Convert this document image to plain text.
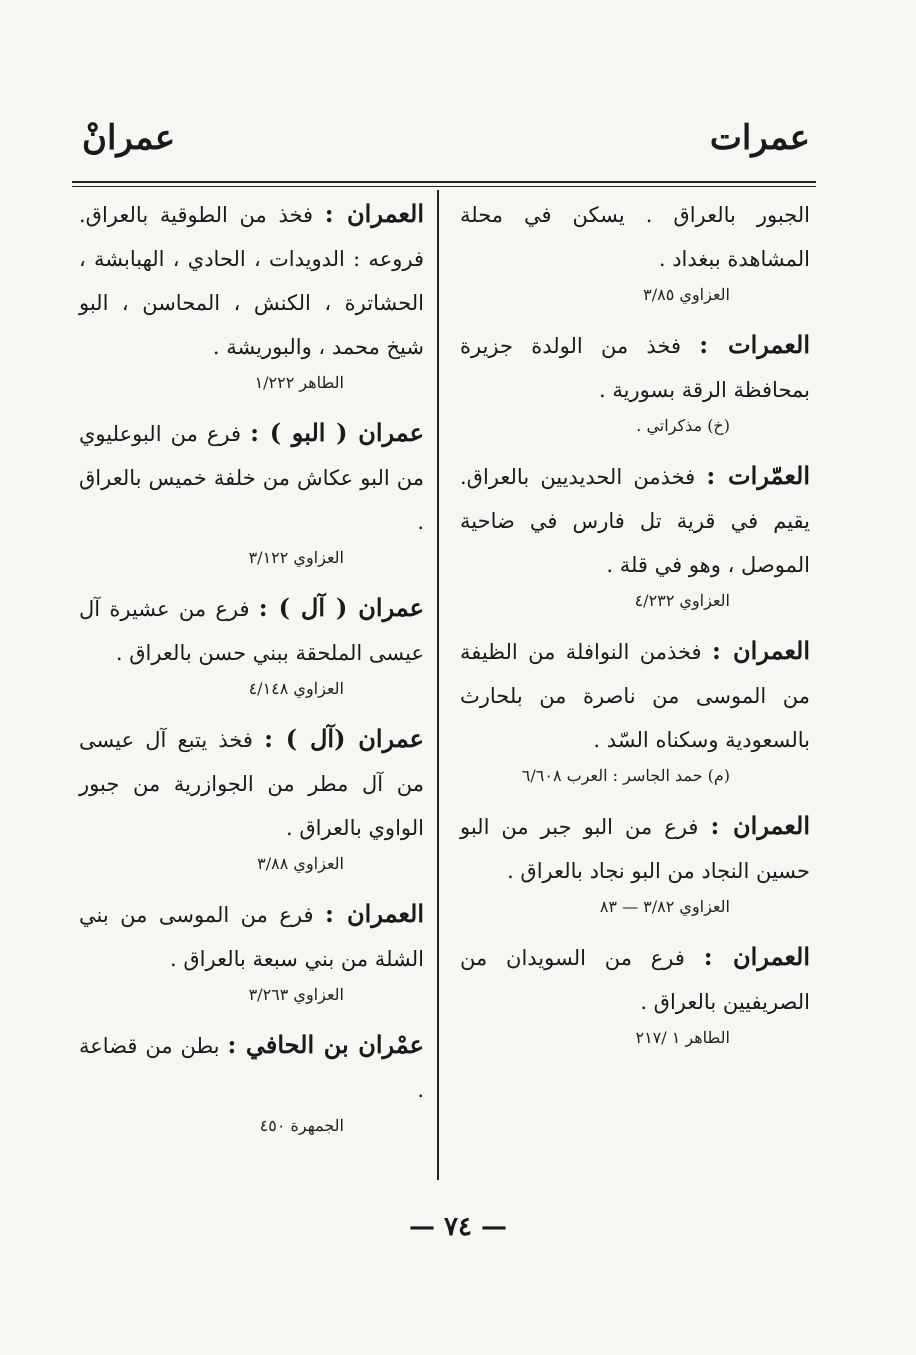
عمرات
عمرانْ
الجبور بالعراق . يسكن في محلة المشاهدة ببغداد .
العزاوي ٣/٨٥
العمرات : فخذ من الولدة جزيرة بمحافظة الرقة بسورية .
(خ) مذكراتي .
العمّرات : فخذمن الحديديين بالعراق. يقيم في قرية تل فارس في ضاحية الموصل ، وهو في قلة .
العزاوي ٤/٢٣٢
العمران : فخذمن النوافلة من الظيفة من الموسى من ناصرة من بلحارث بالسعودية وسكناه السّد .
(م) حمد الجاسر : العرب ٦/٦٠٨
العمران : فرع من البو جبر من البو حسين النجاد من البو نجاد بالعراق .
العزاوي ٣/٨٢ — ٨٣
العمران : فرع من السويدان من الصريفيين بالعراق .
الطاهر ١ /٢١٧
العمران : فخذ من الطوقية بالعراق. فروعه : الدويدات ، الحادي ، الهبابشة ، الحشاترة ، الكنش ، المحاسن ، البو شيخ محمد ، والبوريشة .
الطاهر ١/٢٢٢
عمران ( البو ) : فرع من البوعليوي من البو عكاش من خلفة خميس بالعراق .
العزاوي ٣/١٢٢
عمران ( آل ) : فرع من عشيرة آل عيسى الملحقة ببني حسن بالعراق .
العزاوي ٤/١٤٨
عمران (آل ) : فخذ يتبع آل عيسى من آل مطر من الجوازرية من جبور الواوي بالعراق .
العزاوي ٣/٨٨
العمران : فرع من الموسى من بني الشلة من بني سبعة بالعراق .
العزاوي ٣/٢٦٣
عمْران بن الحافي : بطن من قضاعة .
الجمهرة ٤٥٠
— ٧٤ —
